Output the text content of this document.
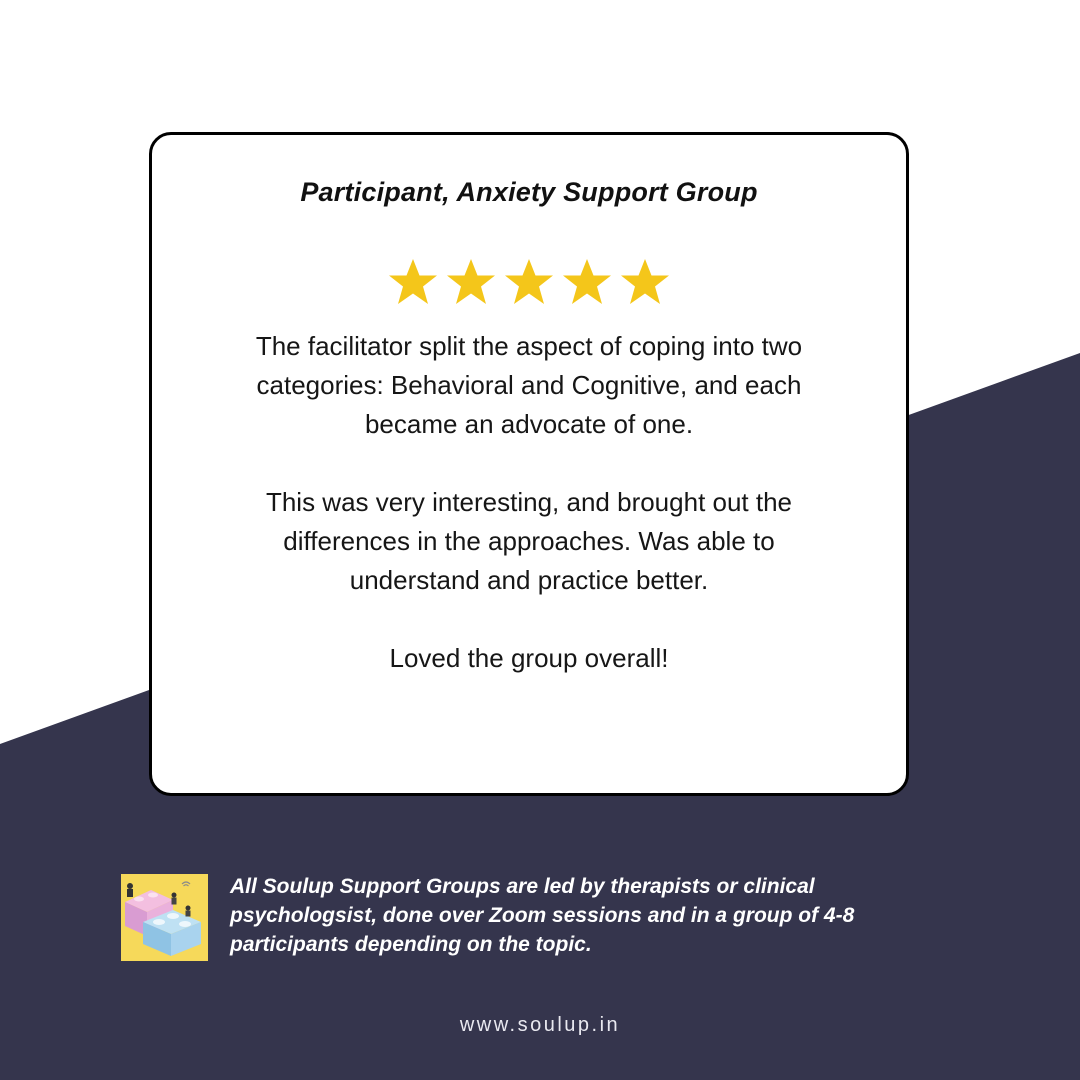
Participant, Anxiety Support Group

The facilitator split the aspect of coping into two categories: Behavioral and Cognitive, and each became an advocate of one.

This was very interesting, and brought out the differences in the approaches. Was able to understand and practice better.

Loved the group overall!

All Soulup Support Groups are led by therapists or clinical psychologsist, done over Zoom sessions and in a group of 4-8 participants depending on the topic.

www.soulup.in
